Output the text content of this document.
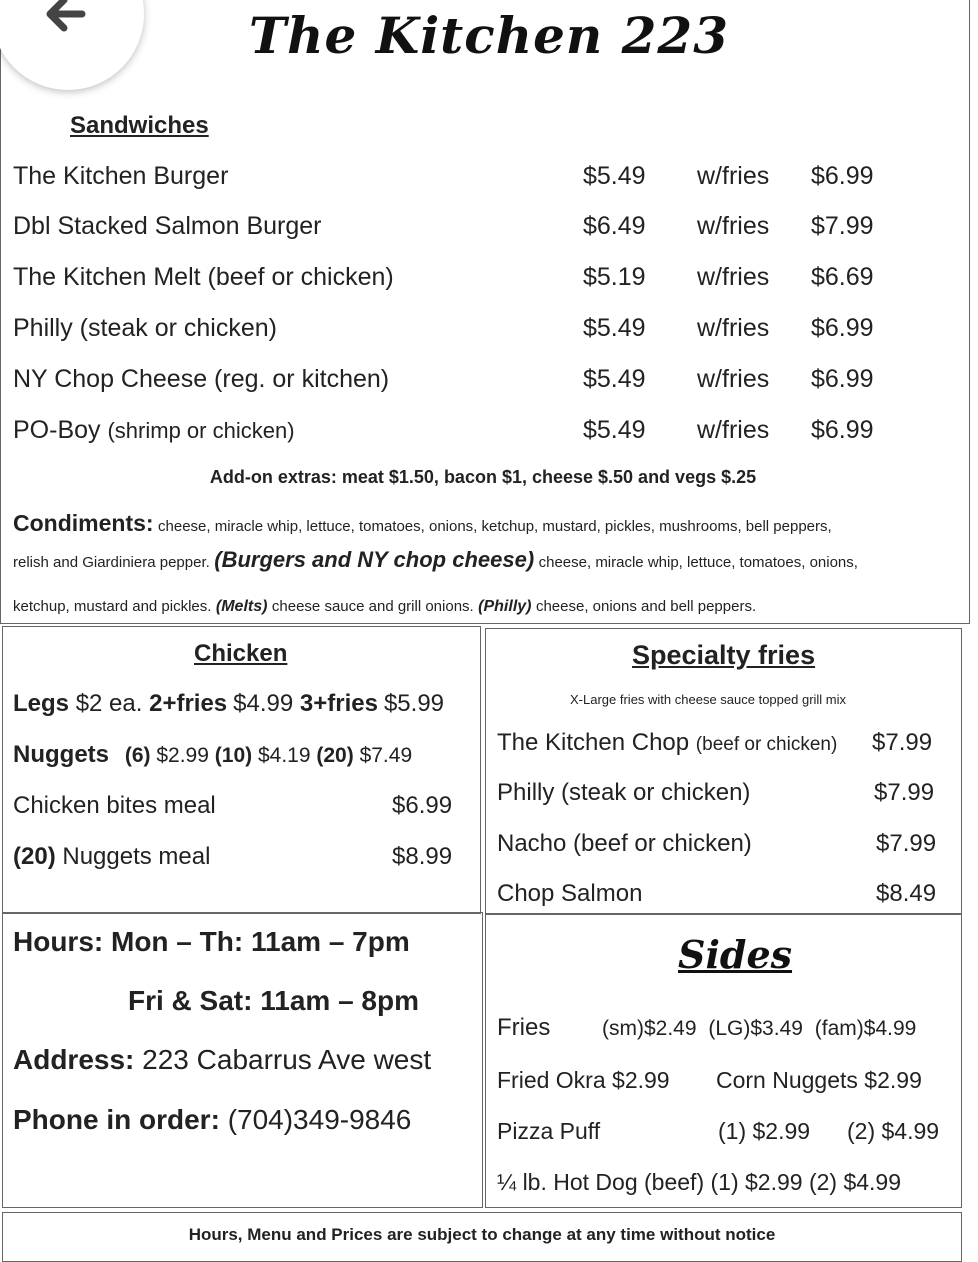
The Kitchen 223
Sandwiches
The Kitchen Burger	$5.49 w/fries $6.99
Dbl Stacked Salmon Burger	$6.49 w/fries $7.99
The Kitchen Melt (beef or chicken)	$5.19 w/fries $6.69
Philly (steak or chicken)	$5.49 w/fries $6.99
NY Chop Cheese (reg. or kitchen)	$5.49 w/fries $6.99
PO-Boy (shrimp or chicken)	$5.49 w/fries $6.99
Add-on extras: meat $1.50, bacon $1, cheese $.50 and vegs $.25
Condiments: cheese, miracle whip, lettuce, tomatoes, onions, ketchup, mustard, pickles, mushrooms, bell peppers,
relish and Giardiniera pepper. (Burgers and NY chop cheese) cheese, miracle whip, lettuce, tomatoes, onions,
ketchup, mustard and pickles. (Melts) cheese sauce and grill onions. (Philly) cheese, onions and bell peppers.
Chicken
Legs $2 ea. 2+fries $4.99 3+fries $5.99
Nuggets (6) $2.99 (10) $4.19 (20) $7.49
Chicken bites meal	$6.99
(20) Nuggets meal	$8.99
Specialty fries
X-Large fries with cheese sauce topped grill mix
The Kitchen Chop (beef or chicken) $7.99
Philly (steak or chicken)	$7.99
Nacho (beef or chicken)	$7.99
Chop Salmon	$8.49
Hours: Mon – Th: 11am – 7pm
Fri & Sat: 11am – 8pm
Address: 223 Cabarrus Ave west
Phone in order: (704)349-9846
Sides
Fries (sm)$2.49 (LG)$3.49 (fam)$4.99
Fried Okra $2.99 Corn Nuggets $2.99
Pizza Puff	(1) $2.99 (2) $4.99
¼ lb. Hot Dog (beef) (1) $2.99 (2) $4.99
Hours, Menu and Prices are subject to change at any time without notice
